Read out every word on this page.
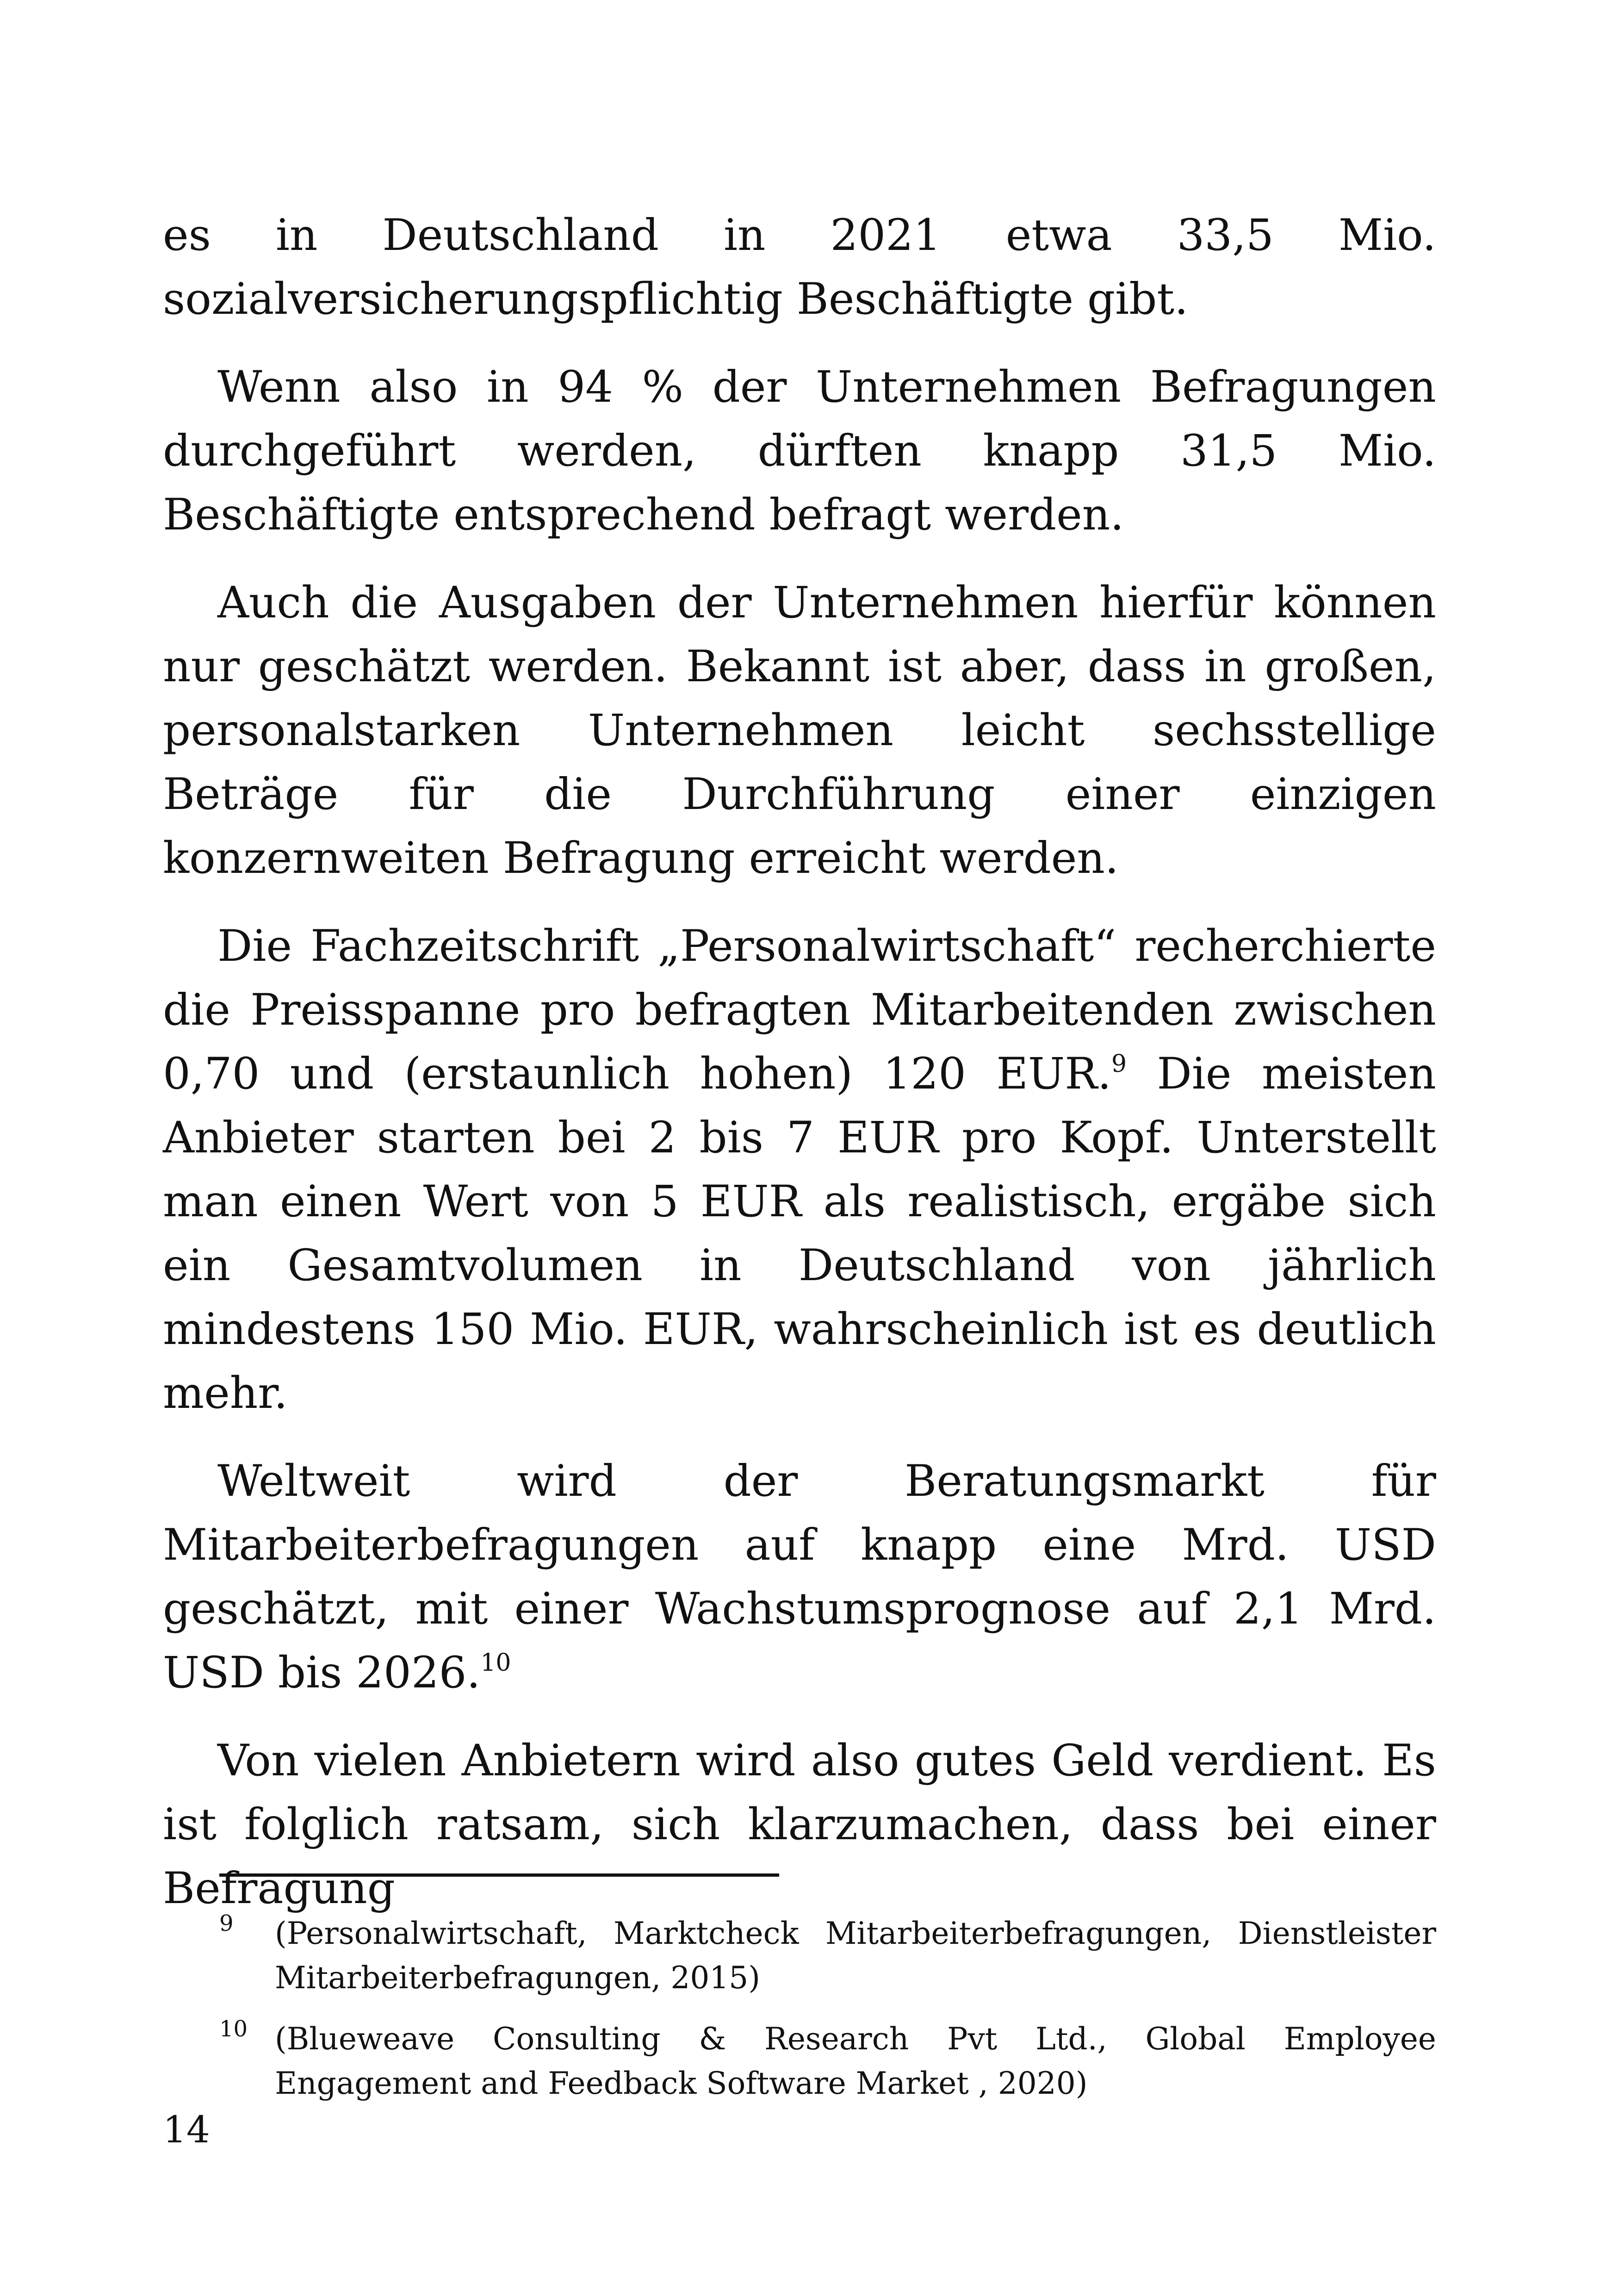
es in Deutschland in 2021 etwa 33,5 Mio. sozialversicherungspflichtig Beschäftigte gibt.

Wenn also in 94 % der Unternehmen Befragungen durchgeführt werden, dürften knapp 31,5 Mio. Beschäftigte entsprechend befragt werden.

Auch die Ausgaben der Unternehmen hierfür können nur geschätzt werden. Bekannt ist aber, dass in großen, personalstarken Unternehmen leicht sechsstellige Beträge für die Durchführung einer einzigen konzernweiten Befragung erreicht werden.

Die Fachzeitschrift „Personalwirtschaft“ recherchierte die Preisspanne pro befragten Mitarbeitenden zwischen 0,70 und (erstaunlich hohen) 120 EUR.$^9$ Die meisten Anbieter starten bei 2 bis 7 EUR pro Kopf. Unterstellt man einen Wert von 5 EUR als realistisch, ergäbe sich ein Gesamtvolumen in Deutschland von jährlich mindestens 150 Mio. EUR, wahrscheinlich ist es deutlich mehr.

Weltweit wird der Beratungsmarkt für Mitarbeiterbefragungen auf knapp eine Mrd. USD geschätzt, mit einer Wachstumsprognose auf 2,1 Mrd. USD bis 2026.10

Von vielen Anbietern wird also gutes Geld verdient. Es ist folglich ratsam, sich klarzumachen, dass bei einer Befragung

9 (Personalwirtschaft, Marktcheck Mitarbeiterbefragungen, Dienstleister Mitarbeiterbefragungen, 2015)
10 (Blueweave Consulting & Research Pvt Ltd., Global Employee Engagement and Feedback Software Market , 2020)
14
